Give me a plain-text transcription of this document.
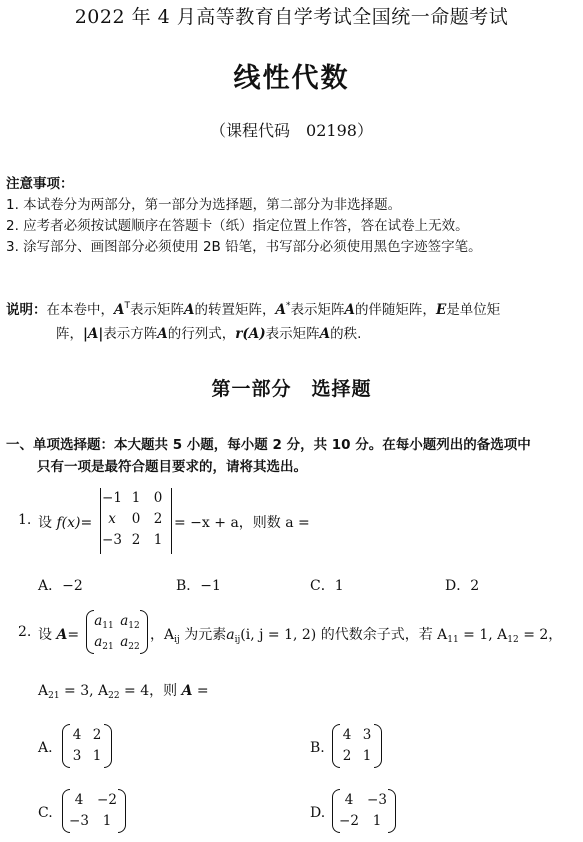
2022 年 4 月高等教育自学考试全国统一命题考试
线性代数
（课程代码　02198）
注意事项：
1. 本试卷分为两部分，第一部分为选择题，第二部分为非选择题。
2. 应考者必须按试题顺序在答题卡（纸）指定位置上作答，答在试卷上无效。
3. 涂写部分、画图部分必须使用 2B 铅笔，书写部分必须使用黑色字迹签字笔。
说明：在本卷中，$A^T$表示矩阵A的转置矩阵，A*表示矩阵A的伴随矩阵，E是单位矩
阵，|A|表示方阵A的行列式，r(A)表示矩阵A的秩.
第一部分　选择题
一、单项选择题：本大题共 5 小题，每小题 2 分，共 10 分。在每小题列出的备选项中
只有一项是最符合题目要求的，请将其选出。
1. 设 f(x)=
−1 1 0
x	0 2
−3 2 1
= −x + a，则数 a =
A．−2	B．−1	C．1	D．2
2. 设 A=
$a_{11}$ $a_{12}$
$a_{21}$ $a_{22}$
，$A_{ij}$ 为元素$a_{ij}(i$, j = 1, 2) 的代数余子式，若 $A_{11} = 1$, $A_{12} = 2$，
$A_{21} = 3$, $A_{22} = 4$，则 A =
A.
4 2
3 1	B.
4 3
2 1
C.
4	−2
−3	1	D.
4	−3
−2	1
